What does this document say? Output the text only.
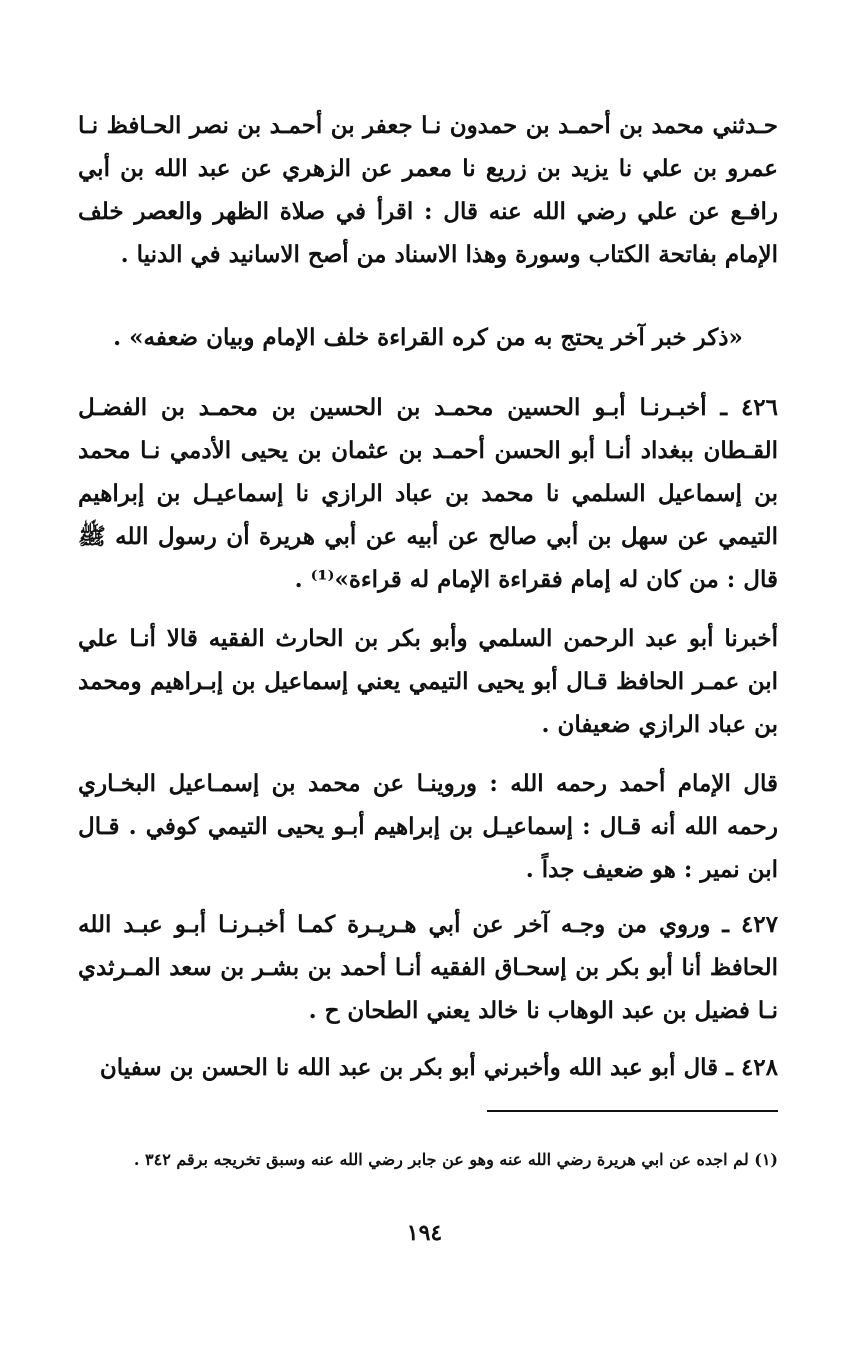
حـدثني محمد بن أحمـد بن حمدون نـا جعفر بن أحمـد بن نصر الحـافظ نـا عمرو بن علي نا يزيد بن زريع نا معمر عن الزهري عن عبد الله بن أبي رافـع عن علي رضي الله عنه قال : اقرأ في صلاة الظهر والعصر خلف الإمام بفاتحة الكتاب وسورة وهذا الاسناد من أصح الاسانيد في الدنيا .
«ذكر خبر آخر يحتج به من كره القراءة خلف الإمام وبيان ضعفه» .
٤٢٦ ـ أخبـرنـا أبـو الحسين محمـد بن الحسين بن محمـد بن الفضـل القـطان ببغداد أنـا أبو الحسن أحمـد بن عثمان بن يحيى الأدمي نـا محمد بن إسماعيل السلمي نا محمد بن عباد الرازي نا إسماعيـل بن إبراهيم التيمي عن سهل بن أبي صالح عن أبيه عن أبي هريرة أن رسول الله ﷺ قال : من كان له إمام فقراءة الإمام له قراءة»⁽¹⁾ .
أخبرنا أبو عبد الرحمن السلمي وأبو بكر بن الحارث الفقيه قالا أنـا علي ابن عمـر الحافظ قـال أبو يحيى التيمي يعني إسماعيل بن إبـراهيم ومحمد بن عباد الرازي ضعيفان .
قال الإمام أحمد رحمه الله : وروينـا عن محمد بن إسمـاعيل البخـاري رحمه الله أنه قـال : إسماعيـل بن إبراهيم أبـو يحيى التيمي كوفي . قـال ابن نمير : هو ضعيف جداً .
٤٢٧ ـ وروي من وجـه آخر عن أبي هـريـرة كمـا أخبـرنـا أبـو عبـد الله الحافظ أنا أبو بكر بن إسحـاق الفقيه أنـا أحمد بن بشـر بن سعد المـرثدي نـا فضيل بن عبد الوهاب نا خالد يعني الطحان ح .
٤٢٨ ـ قال أبو عبد الله وأخبرني أبو بكر بن عبد الله نا الحسن بن سفيان
(١) لم اجده عن ابي هريرة رضي الله عنه وهو عن جابر رضي الله عنه وسبق تخريجه برقم ٣٤٢ .
١٩٤
